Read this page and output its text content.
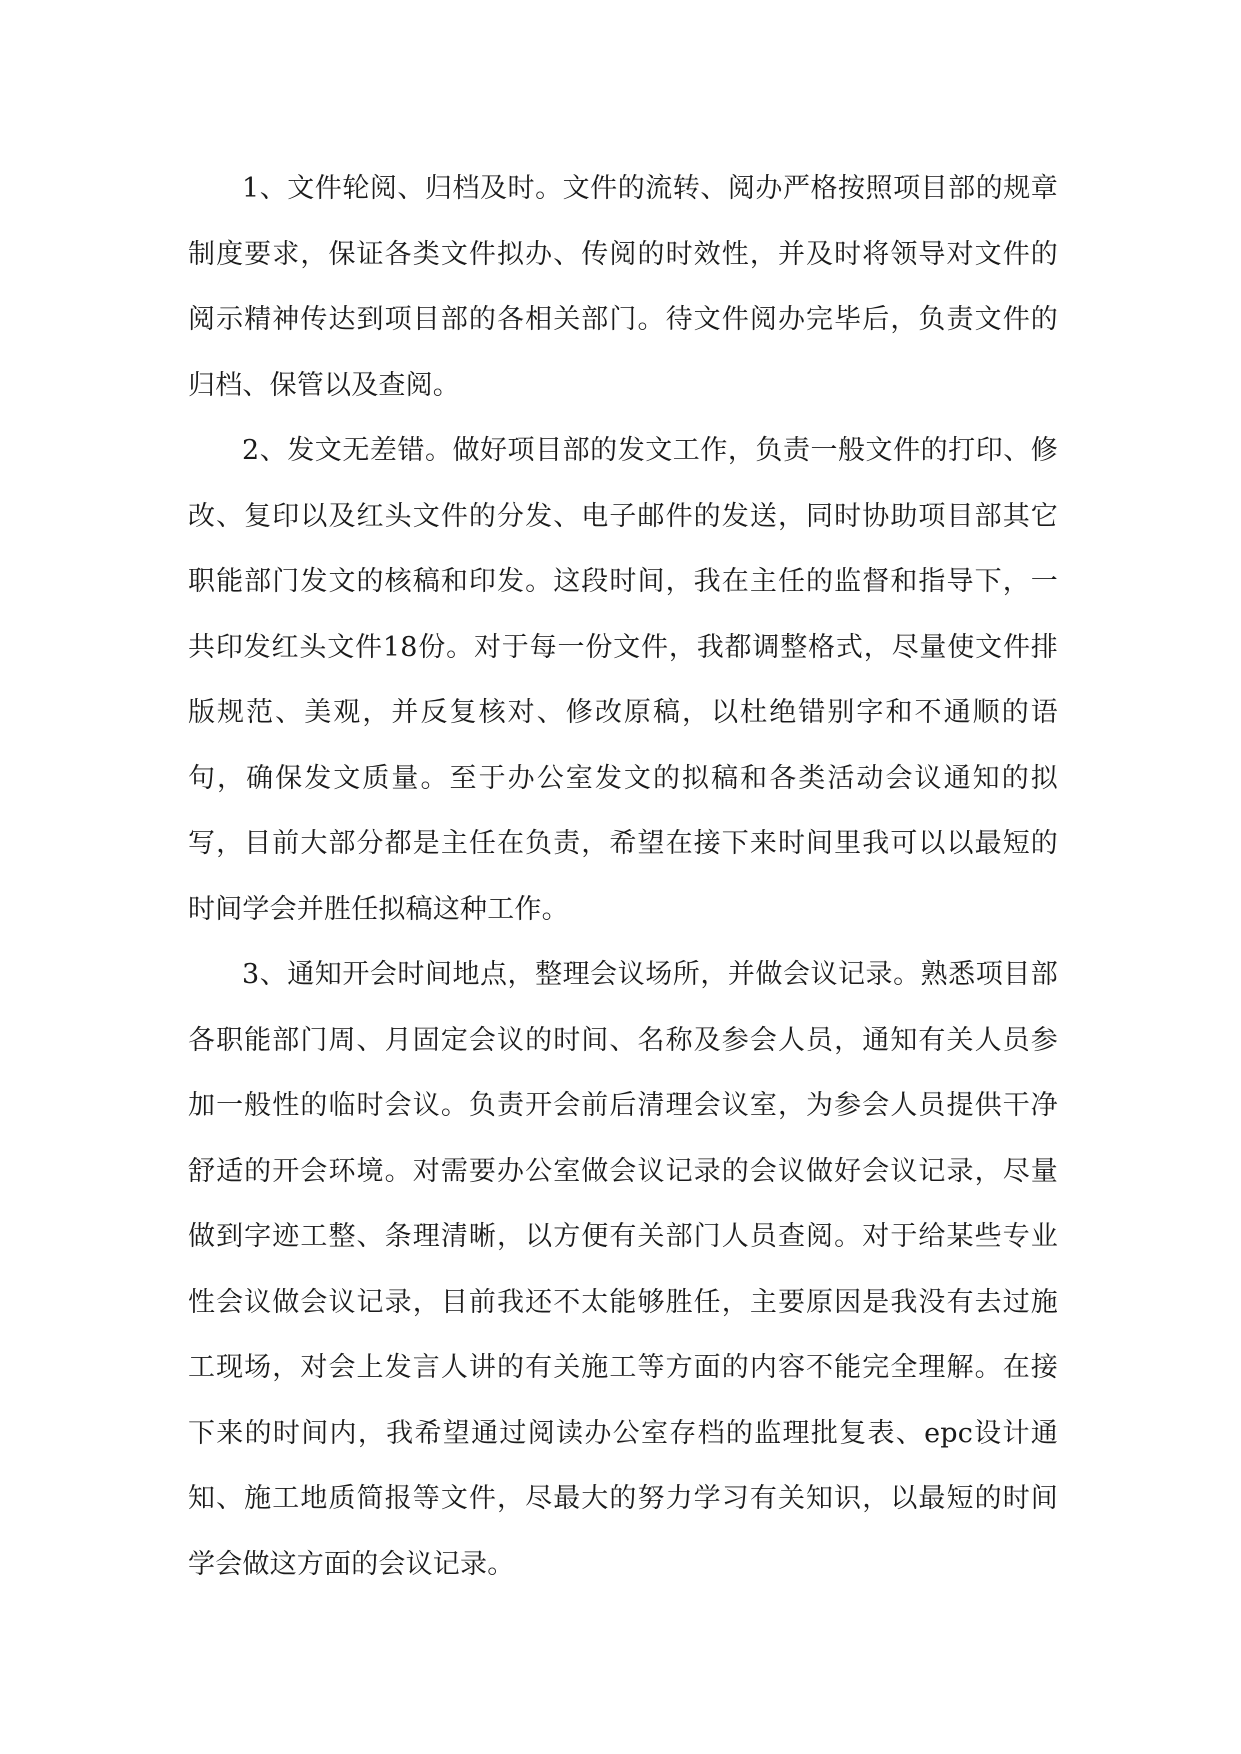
1、文件轮阅、归档及时。文件的流转、阅办严格按照项目部的规章制度要求，保证各类文件拟办、传阅的时效性，并及时将领导对文件的阅示精神传达到项目部的各相关部门。待文件阅办完毕后，负责文件的归档、保管以及查阅。

2、发文无差错。做好项目部的发文工作，负责一般文件的打印、修改、复印以及红头文件的分发、电子邮件的发送，同时协助项目部其它职能部门发文的核稿和印发。这段时间，我在主任的监督和指导下，一共印发红头文件18份。对于每一份文件，我都调整格式，尽量使文件排版规范、美观，并反复核对、修改原稿，以杜绝错别字和不通顺的语句，确保发文质量。至于办公室发文的拟稿和各类活动会议通知的拟写，目前大部分都是主任在负责，希望在接下来时间里我可以以最短的时间学会并胜任拟稿这种工作。

3、通知开会时间地点，整理会议场所，并做会议记录。熟悉项目部各职能部门周、月固定会议的时间、名称及参会人员，通知有关人员参加一般性的临时会议。负责开会前后清理会议室，为参会人员提供干净舒适的开会环境。对需要办公室做会议记录的会议做好会议记录，尽量做到字迹工整、条理清晰，以方便有关部门人员查阅。对于给某些专业性会议做会议记录，目前我还不太能够胜任，主要原因是我没有去过施工现场，对会上发言人讲的有关施工等方面的内容不能完全理解。在接下来的时间内，我希望通过阅读办公室存档的监理批复表、epc设计通知、施工地质简报等文件，尽最大的努力学习有关知识，以最短的时间学会做这方面的会议记录。
